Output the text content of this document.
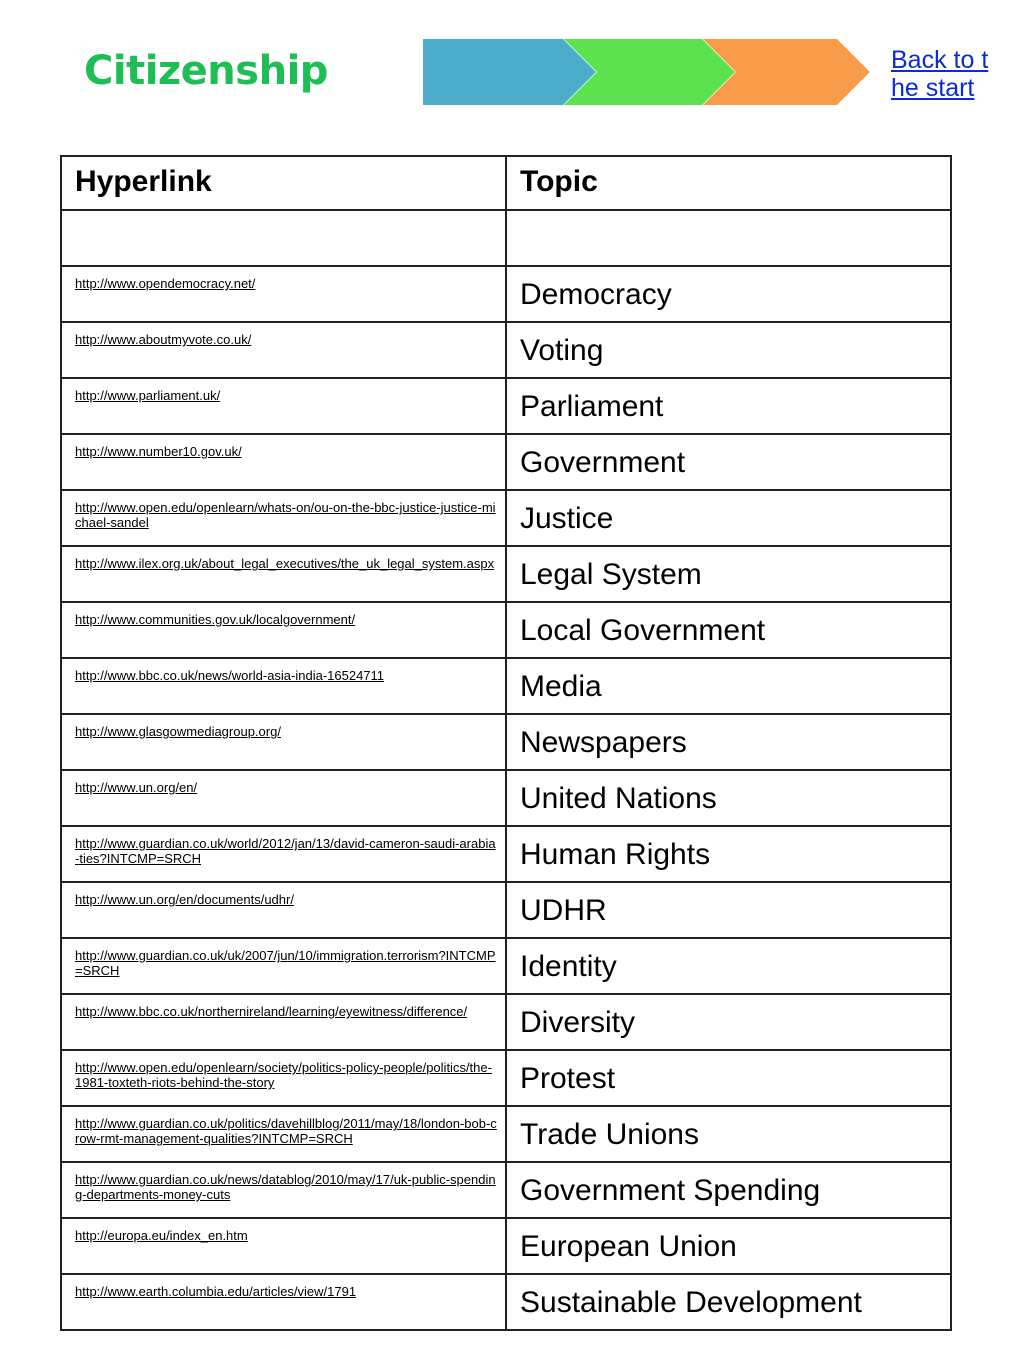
Citizenship	Back to the start
Hyperlink	Topic

http://www.opendemocracy.net/	Democracy

http://www.aboutmyvote.co.uk/	Voting

http://www.parliament.uk/	Parliament

http://www.number10.gov.uk/	Government

http://www.open.edu/openlearn/whats-on/ou-on-the-bbc-justice-justice-michael-sandel	Justice

http://www.ilex.org.uk/about_legal_executives/the_uk_legal_system.aspx	Legal System

http://www.communities.gov.uk/localgovernment/	Local Government

http://www.bbc.co.uk/news/world-asia-india-16524711	Media

http://www.glasgowmediagroup.org/	Newspapers

http://www.un.org/en/	United Nations

http://www.guardian.co.uk/world/2012/jan/13/david-cameron-saudi-arabia-ties?INTCMP=SRCH	Human Rights

http://www.un.org/en/documents/udhr/	UDHR

http://www.guardian.co.uk/uk/2007/jun/10/immigration.terrorism?INTCMP=SRCH	Identity

http://www.bbc.co.uk/northernireland/learning/eyewitness/difference/	Diversity

http://www.open.edu/openlearn/society/politics-policy-people/politics/the-1981-toxteth-riots-behind-the-story	Protest

http://www.guardian.co.uk/politics/davehillblog/2011/may/18/london-bob-crow-rmt-management-qualities?INTCMP=SRCH	Trade Unions

http://www.guardian.co.uk/news/datablog/2010/may/17/uk-public-spending-departments-money-cuts	Government Spending

http://europa.eu/index_en.htm	European Union

http://www.earth.columbia.edu/articles/view/1791	Sustainable Development
